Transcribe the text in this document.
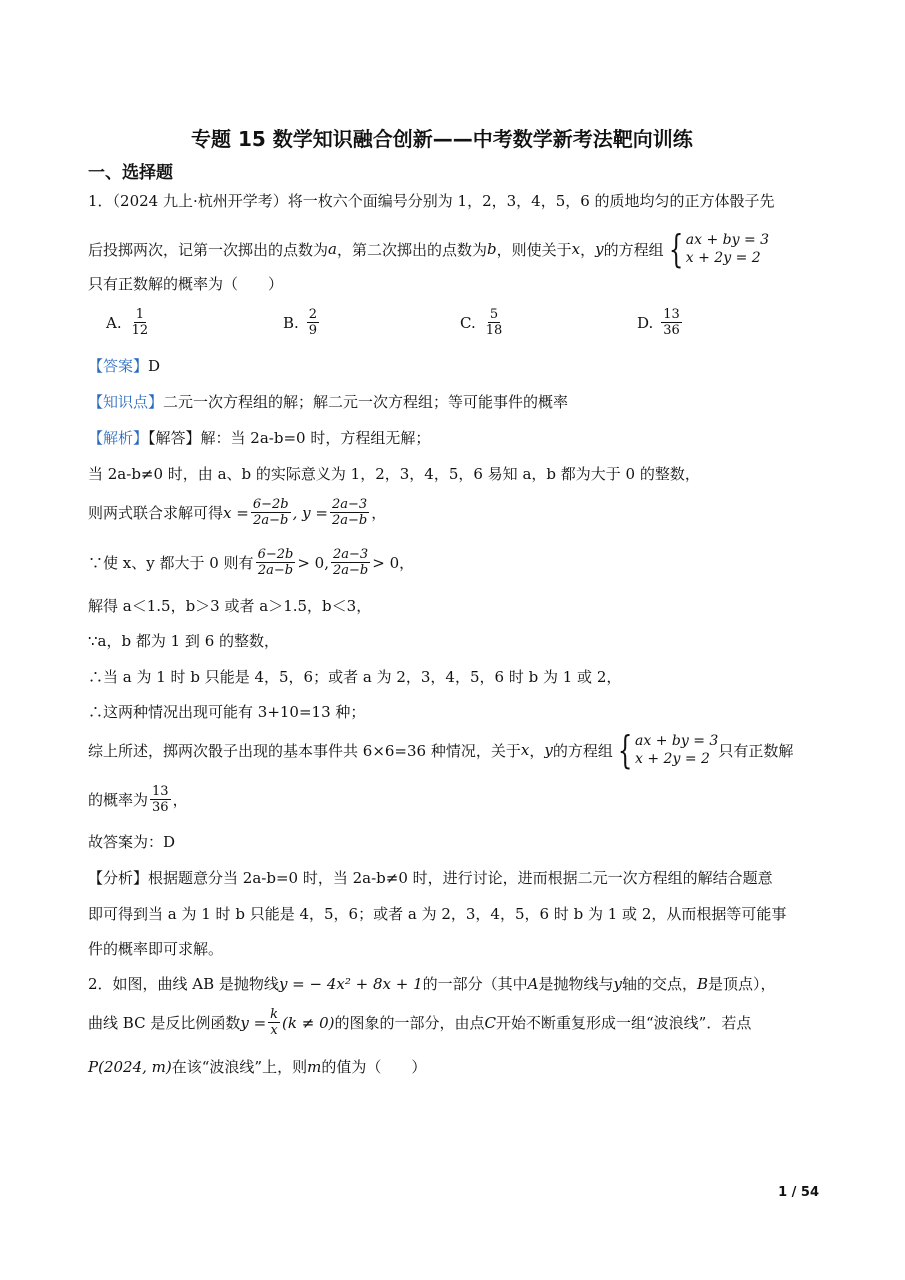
专题 15 数学知识融合创新——中考数学新考法靶向训练
一、选择题
1．（2024 九上·杭州开学考）将一枚六个面编号分别为 1，2，3，4，5，6 的质地均匀的正方体骰子先
后投掷两次，记第一次掷出的点数为 a ，第二次掷出的点数为 b ，则使关于 x ， y 的方程组 { ax + by = 3
x + 2y = 2
只有正数解的概率为（　　）
A. $\frac{1}{12}$	B. $\frac{2}{9}$	C. $\frac{5}{18}$	D. $\frac{13}{36}$
【答案】D
【知识点】二元一次方程组的解；解二元一次方程组；等可能事件的概率
【解析】【解答】解：当 2a-b=0 时，方程组无解；
当 2a-b≠0 时，由 a、b 的实际意义为 1，2，3，4，5，6 易知 a，b 都为大于 0 的整数，
则两式联合求解可得 $x = \frac{6-2b}{2a-b}$ , $y = \frac{2a-3}{2a-b}$ ，
∵使 x、y 都大于 0 则有 $\frac{6-2b}{2a-b} > 0$, $\frac{2a-3}{2a-b} > 0$，
解得 a＜1.5，b＞3 或者 a＞1.5，b＜3，
∵a，b 都为 1 到 6 的整数，
∴当 a 为 1 时 b 只能是 4，5，6；或者 a 为 2，3，4，5，6 时 b 为 1 或 2，
∴这两种情况出现可能有 3+10=13 种；
综上所述，掷两次骰子出现的基本事件共 6×6=36 种情况，关于 x ， y 的方程组 { ax + by = 3
x + 2y = 2 只有正数解
的概率为 $\frac{13}{36}$ ，
故答案为：D
【分析】根据题意分当 2a-b=0 时，当 2a-b≠0 时，进行讨论，进而根据二元一次方程组的解结合题意
即可得到当 a 为 1 时 b 只能是 4，5，6；或者 a 为 2，3，4，5，6 时 b 为 1 或 2，从而根据等可能事
件的概率即可求解。
2．如图，曲线 AB 是抛物线 y = − 4x² + 8x + 1 的一部分（其中 A 是抛物线与 y 轴的交点， B 是顶点），
曲线 BC 是反比例函数 $y = \frac{k}{x} (k \ne 0)$ 的图象的一部分，由点 C 开始不断重复形成一组“波浪线”．若点
P(2024, m) 在该“波浪线”上，则 m 的值为（　　）
1 / 54
